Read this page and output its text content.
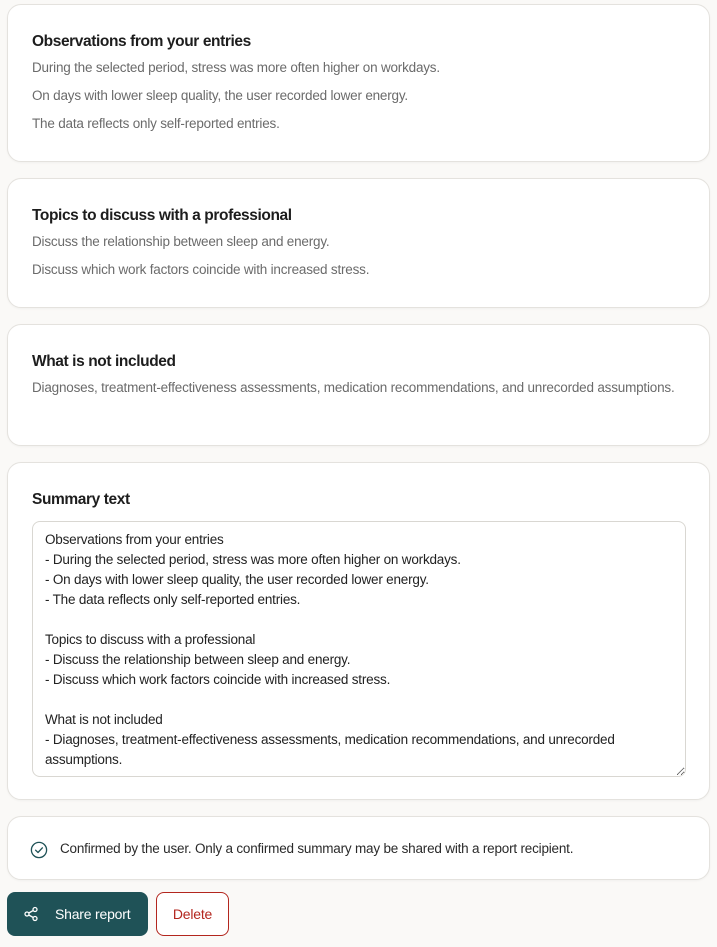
Observations from your entries

During the selected period, stress was more often higher on workdays.

On days with lower sleep quality, the user recorded lower energy.

The data reflects only self-reported entries.

Topics to discuss with a professional

Discuss the relationship between sleep and energy.

Discuss which work factors coincide with increased stress.

What is not included

Diagnoses, treatment-effectiveness assessments, medication recommendations, and unrecorded assumptions.

Summary text
Observations from your entries - During the selected period, stress was more often higher on workdays. - On days with lower sleep quality, the user recorded lower energy. - The data reflects only self-reported entries. Topics to discuss with a professional - Discuss the relationship between sleep and energy. - Discuss which work factors coincide with increased stress. What is not included - Diagnoses, treatment-effectiveness assessments, medication recommendations, and unrecorded assumptions.
Confirmed by the user. Only a confirmed summary may be shared with a report recipient.
Share report	Delete
